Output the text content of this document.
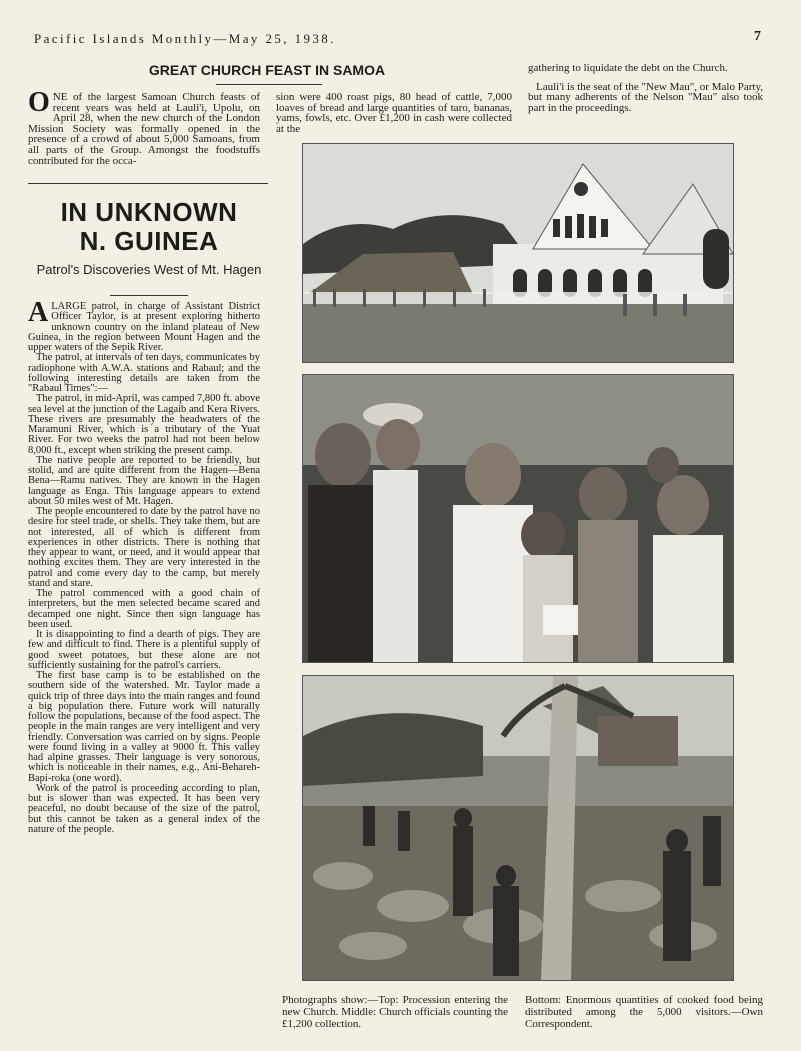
Pacific Islands Monthly—May 25, 1938.	7
GREAT CHURCH FEAST IN SAMOA
ONE of the largest Samoan Church feasts of recent years was held at Lauli'i, Upolu, on April 28, when the new church of the London Mission Society was formally opened in the presence of a crowd of about 5,000 Samoans, from all parts of the Group. Amongst the foodstuffs contributed for the occa-
sion were 400 roast pigs, 80 head of cattle, 7,000 loaves of bread and large quantities of taro, bananas, yams, fowls, etc. Over £1,200 in cash were collected at the

gathering to liquidate the debt on the Church.

Lauli'i is the seat of the "New Mau", or Malo Party, but many adherents of the Nelson "Mau" also took part in the proceedings.

IN UNKNOWN
N. GUINEA
Patrol's Discoveries West of Mt. Hagen

ALARGE patrol, in charge of Assistant District Officer Taylor, is at present exploring hitherto unknown country on the inland plateau of New Guinea, in the region between Mount Hagen and the upper waters of the Sepik River.

The patrol, at intervals of ten days, communicates by radiophone with A.W.A. stations and Rabaul; and the following interesting details are taken from the "Rabaul Times":—

The patrol, in mid-April, was camped 7,800 ft. above sea level at the junction of the Lagaib and Kera Rivers. These rivers are presumably the headwaters of the Maramuni River, which is a tributary of the Yuat River. For two weeks the patrol had not been below 8,000 ft., except when striking the present camp.

The native people are reported to be friendly, but stolid, and are quite different from the Hagen—Bena Bena—Ramu natives. They are known in the Hagen language as Enga. This language appears to extend about 50 miles west of Mt. Hagen.

The people encountered to date by the patrol have no desire for steel trade, or shells. They take them, but are not interested, all of which is different from experiences in other districts. There is nothing that they appear to want, or need, and it would appear that nothing excites them. They are very interested in the patrol and come every day to the camp, but merely stand and stare.

The patrol commenced with a good chain of interpreters, but the men selected became scared and decamped one night. Since then sign language has been used.

It is disappointing to find a dearth of pigs. They are few and difficult to find. There is a plentiful supply of good sweet potatoes, but these alone are not sufficiently sustaining for the patrol's carriers.

The first base camp is to be established on the southern side of the watershed. Mr. Taylor made a quick trip of three days into the main ranges and found a big population there. Future work will naturally follow the populations, because of the food aspect. The people in the main ranges are very intelligent and very friendly. Conversation was carried on by signs. People were found living in a valley at 9000 ft. This valley had alpine grasses. Their language is very sonorous, which is noticeable in their names, e.g., Ani-Behareh-Bapi-roka (one word).

Work of the patrol is proceeding according to plan, but is slower than was expected. It has been very peaceful, no doubt because of the size of the patrol, but this cannot be taken as a general index of the nature of the people.

Photographs show:—Top: Procession entering the new Church. Middle: Church officials counting the £1,200 collection.
Bottom: Enormous quantities of cooked food being distributed among the 5,000 visitors.—Own Correspondent.
